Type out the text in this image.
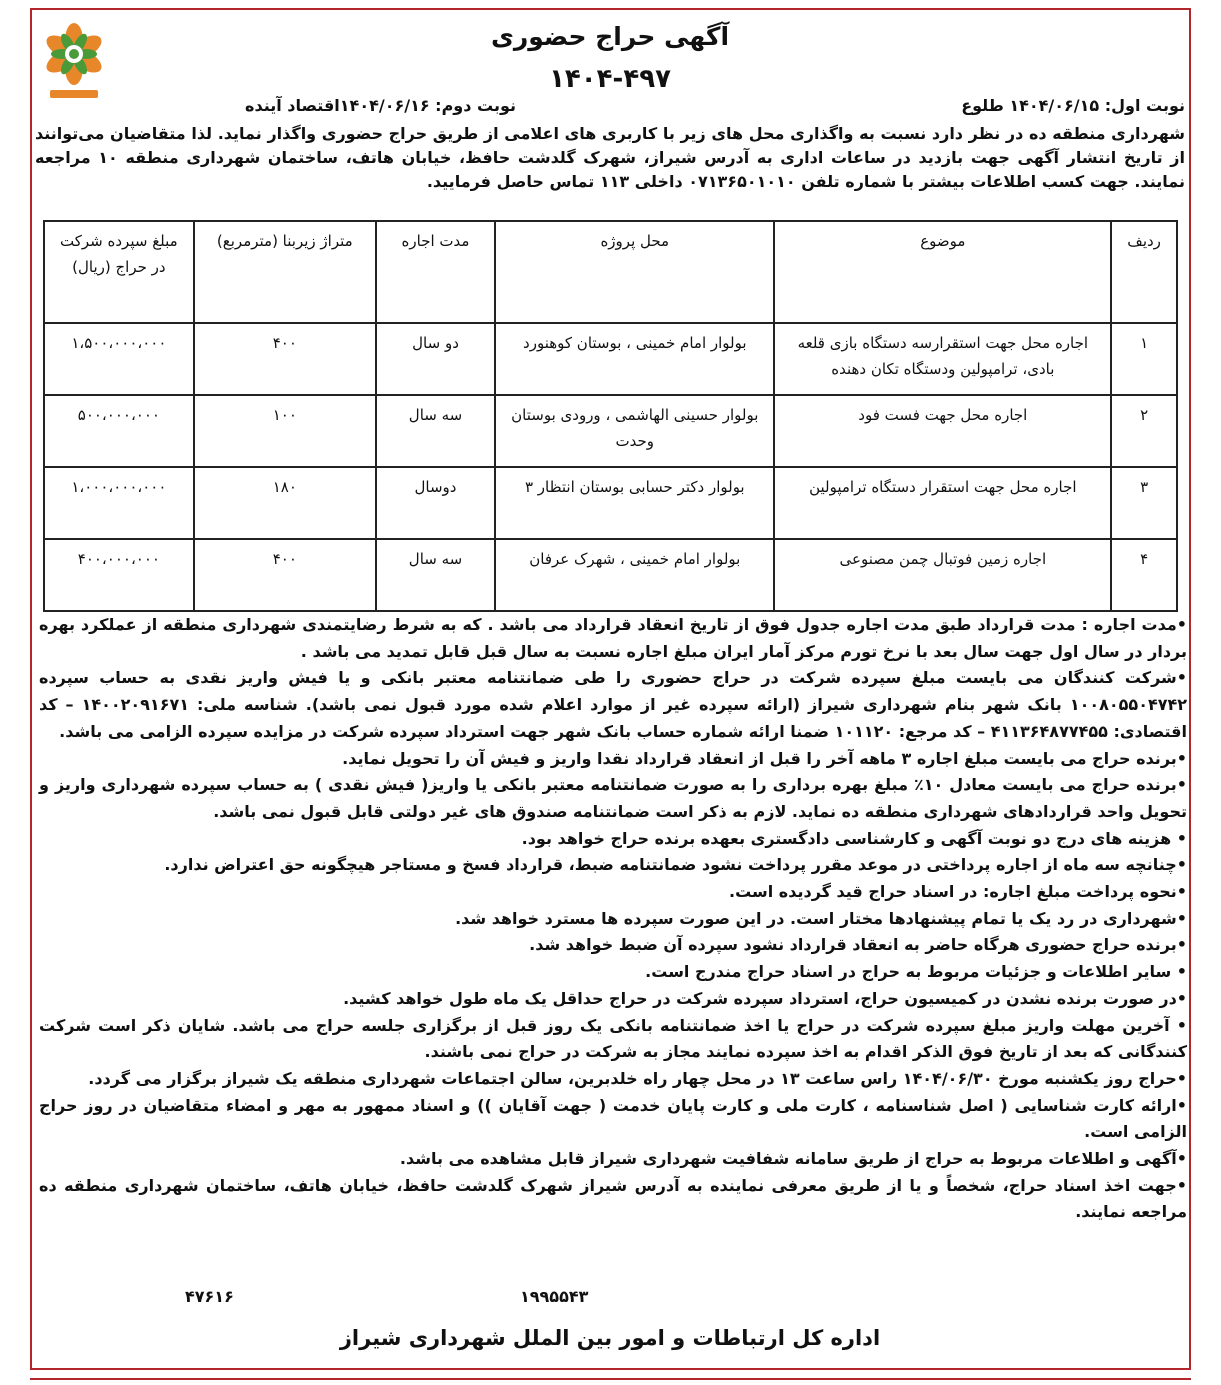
آگهی حراج حضوری
۱۴۰۴-۴۹۷
نوبت اول: ۱۴۰۴/۰۶/۱۵ طلوع
نوبت دوم: ۱۴۰۴/۰۶/۱۶اقتصاد آینده
شهرداری منطقه ده در نظر دارد نسبت به واگذاری محل های زیر با کاربری های اعلامی از طریق حراج حضوری واگذار نماید. لذا متقاضیان می‌توانند از تاریخ انتشار آگهی جهت بازدید در ساعات اداری به آدرس شیراز، شهرک گلدشت حافظ، خیابان هاتف، ساختمان شهرداری منطقه ۱۰ مراجعه نمایند. جهت کسب اطلاعات بیشتر با شماره تلفن ۰۷۱۳۶۵۰۱۰۱۰ داخلی ۱۱۳ تماس حاصل فرمایید.
ردیف	موضوع	محل پروژه	مدت اجاره	متراژ زیربنا (مترمربع)	مبلغ سپرده شرکت در حراج (ریال)
۱	اجاره محل جهت استقرارسه دستگاه بازی قلعه بادی، ترامپولین ودستگاه تکان دهنده	بولوار امام خمینی ، بوستان کوهنورد	دو سال	۴۰۰	۱،۵۰۰،۰۰۰،۰۰۰
۲	اجاره محل جهت فست فود	بولوار حسینی الهاشمی ، ورودی بوستان وحدت	سه سال	۱۰۰	۵۰۰،۰۰۰،۰۰۰
۳	اجاره محل جهت استقرار دستگاه ترامپولین	بولوار دکتر حسابی بوستان انتظار ۳	دوسال	۱۸۰	۱،۰۰۰،۰۰۰،۰۰۰
۴	اجاره زمین فوتبال چمن مصنوعی	بولوار امام خمینی ، شهرک عرفان	سه سال	۴۰۰	۴۰۰،۰۰۰،۰۰۰

•مدت اجاره : مدت قرارداد طبق مدت اجاره جدول فوق از تاریخ انعقاد قرارداد می باشد . که به شرط رضایتمندی شهرداری منطقه از عملکرد بهره بردار در سال اول جهت سال بعد با نرخ تورم مرکز آمار ایران مبلغ اجاره نسبت به سال قبل قابل تمدید می باشد .

•شرکت کنندگان می بایست مبلغ سپرده شرکت در حراج حضوری را طی ضمانتنامه معتبر بانکی و یا فیش واریز نقدی به حساب سپرده ۱۰۰۸۰۵۵۰۴۷۴۲ بانک شهر بنام شهرداری شیراز (ارائه سپرده غیر از موارد اعلام شده مورد قبول نمی باشد). شناسه ملی: ۱۴۰۰۲۰۹۱۶۷۱ – کد اقتصادی: ۴۱۱۳۶۴۸۷۷۴۵۵ – کد مرجع: ۱۰۱۱۲۰ ضمنا ارائه شماره حساب بانک شهر جهت استرداد سپرده شرکت در مزایده سپرده الزامی می باشد.

•برنده حراج می بایست مبلغ اجاره ۳ ماهه آخر را قبل از انعقاد قرارداد نقدا واریز و فیش آن را تحویل نماید.

•برنده حراج می بایست معادل ۱۰٪ مبلغ بهره برداری را به صورت ضمانتنامه معتبر بانکی یا واریز( فیش نقدی ) به حساب سپرده شهرداری واریز و تحویل واحد قراردادهای شهرداری منطقه ده نماید. لازم به ذکر است ضمانتنامه صندوق های غیر دولتی قابل قبول نمی باشد.

• هزینه های درج دو نوبت آگهی و کارشناسی دادگستری بعهده برنده حراج خواهد بود.

•چنانچه سه ماه از اجاره پرداختی در موعد مقرر پرداخت نشود ضمانتنامه ضبط، قرارداد فسخ و مستاجر هیچگونه حق اعتراض ندارد.

•نحوه پرداخت مبلغ اجاره: در اسناد حراج قید گردیده است.

•شهرداری در رد یک یا تمام پیشنهادها مختار است. در این صورت سپرده ها مسترد خواهد شد.

•برنده حراج حضوری هرگاه حاضر به انعقاد قرارداد نشود سپرده آن ضبط خواهد شد.

• سایر اطلاعات و جزئیات مربوط به حراج در اسناد حراج مندرج است.

•در صورت برنده نشدن در کمیسیون حراج، استرداد سپرده شرکت در حراج حداقل یک ماه طول خواهد کشید.

• آخرین مهلت واریز مبلغ سپرده شرکت در حراج یا اخذ ضمانتنامه بانکی یک روز قبل از برگزاری جلسه حراج می باشد. شایان ذکر است شرکت کنندگانی که بعد از تاریخ فوق الذکر اقدام به اخذ سپرده نمایند مجاز به شرکت در حراج نمی باشند.

•حراج روز یکشنبه مورخ ۱۴۰۴/۰۶/۳۰ راس ساعت ۱۳ در محل چهار راه خلدبرین، سالن اجتماعات شهرداری منطقه یک شیراز برگزار می گردد.

•ارائه کارت شناسایی ( اصل شناسنامه ، کارت ملی و کارت پایان خدمت ( جهت آقایان )) و اسناد ممهور به مهر و امضاء متقاضیان در روز حراج الزامی است.

•آگهی و اطلاعات مربوط به حراج از طریق سامانه شفافیت شهرداری شیراز قابل مشاهده می باشد.

•جهت اخذ اسناد حراج، شخصاً و یا از طریق معرفی نماینده به آدرس شیراز شهرک گلدشت حافظ، خیابان هاتف، ساختمان شهرداری منطقه ده مراجعه نمایند.

۱۹۹۵۵۴۳
۴۷۶۱۶
اداره کل ارتباطات و امور بین الملل شهرداری شیراز
